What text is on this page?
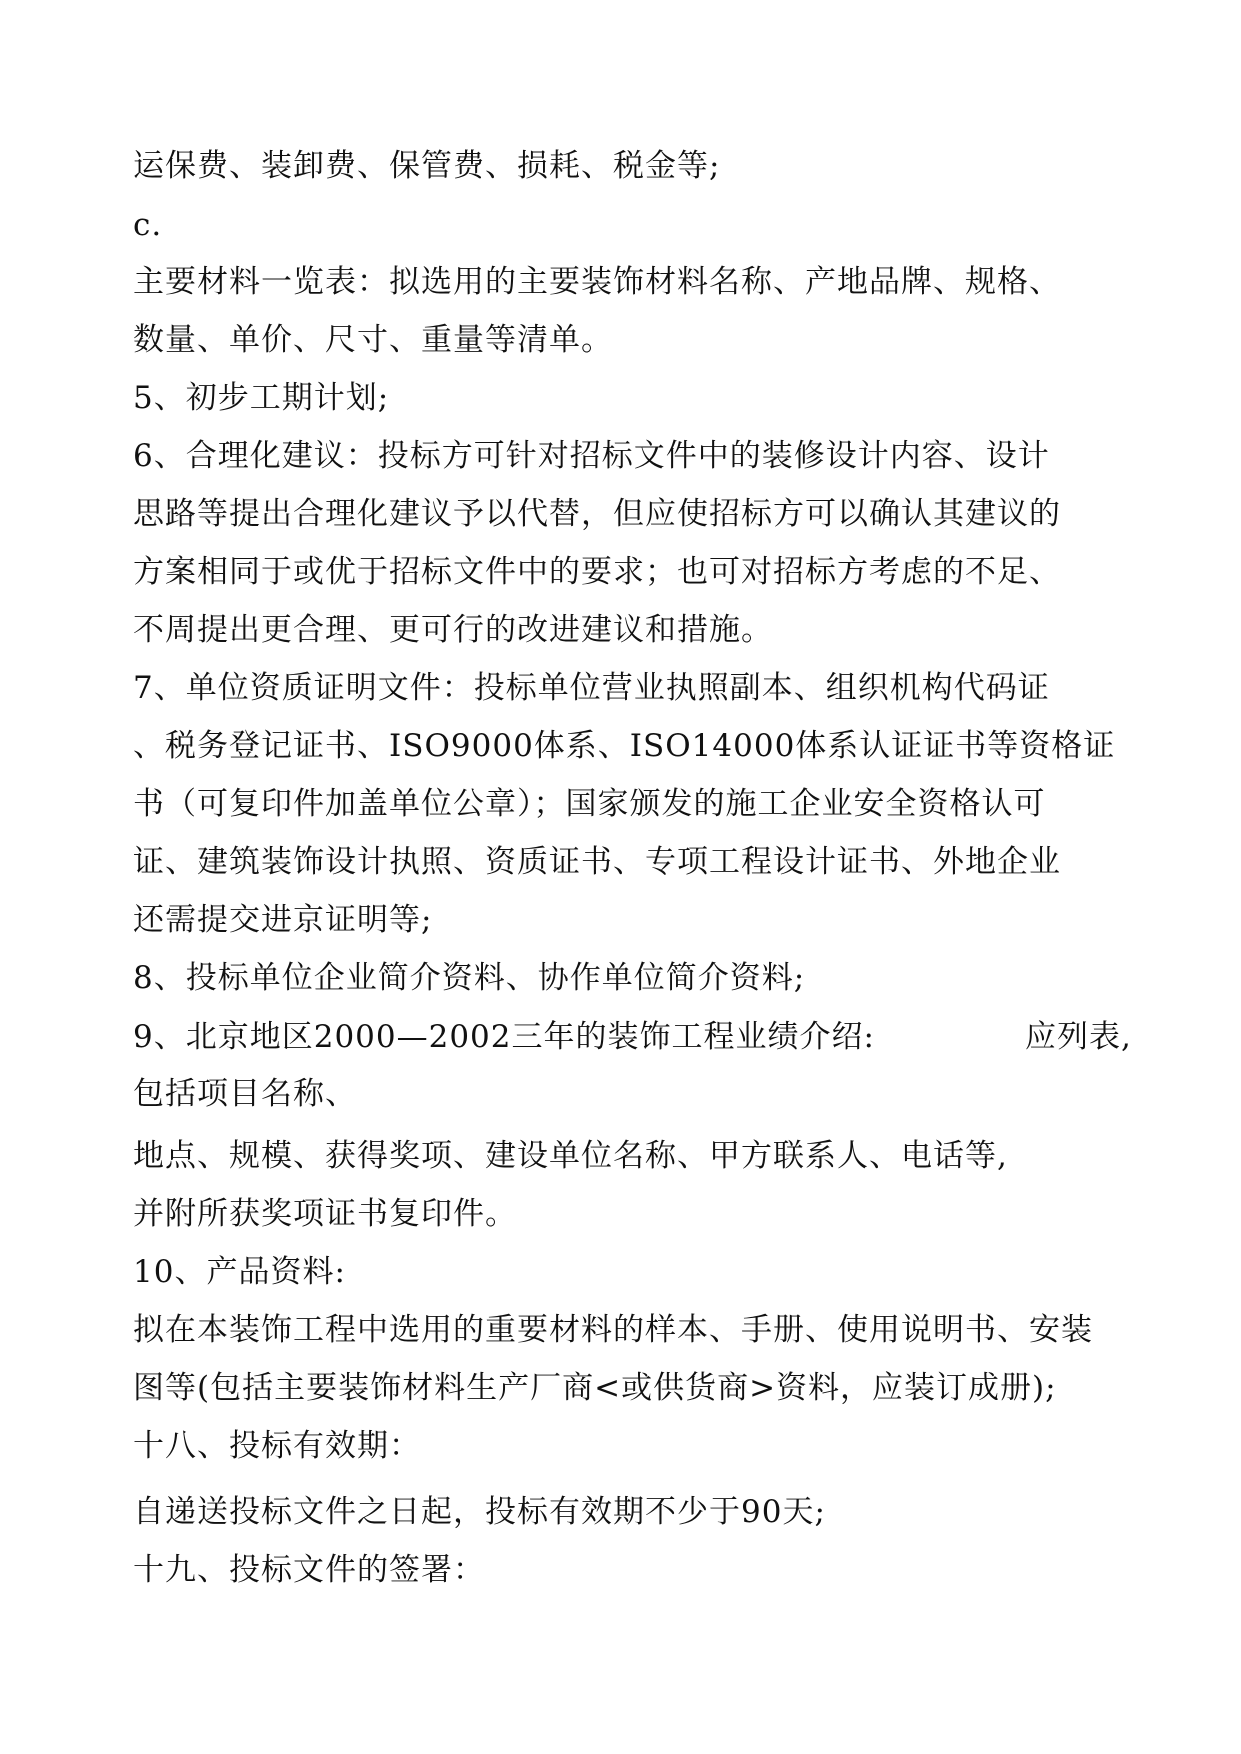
运保费、装卸费、保管费、损耗、税金等;

c.

主要材料一览表：拟选用的主要装饰材料名称、产地品牌、规格、

数量、单价、尺寸、重量等清单。

5、初步工期计划;

6、合理化建议：投标方可针对招标文件中的装修设计内容、设计

思路等提出合理化建议予以代替，但应使招标方可以确认其建议的

方案相同于或优于招标文件中的要求；也可对招标方考虑的不足、

不周提出更合理、更可行的改进建议和措施。

7、单位资质证明文件：投标单位营业执照副本、组织机构代码证

、税务登记证书、ISO9000体系、ISO14000体系认证证书等资格证

书（可复印件加盖单位公章）；国家颁发的施工企业安全资格认可

证、建筑装饰设计执照、资质证书、专项工程设计证书、外地企业

还需提交进京证明等;

8、投标单位企业简介资料、协作单位简介资料;

9、北京地区2000—2002三年的装饰工程业绩介绍:	应列表,

包括项目名称、

地点、规模、获得奖项、建设单位名称、甲方联系人、电话等,

并附所获奖项证书复印件。

10、产品资料:

拟在本装饰工程中选用的重要材料的样本、手册、使用说明书、安装

图等(包括主要装饰材料生产厂商<或供货商>资料，应装订成册);

十八、投标有效期：

自递送投标文件之日起，投标有效期不少于90天;

十九、投标文件的签署：
